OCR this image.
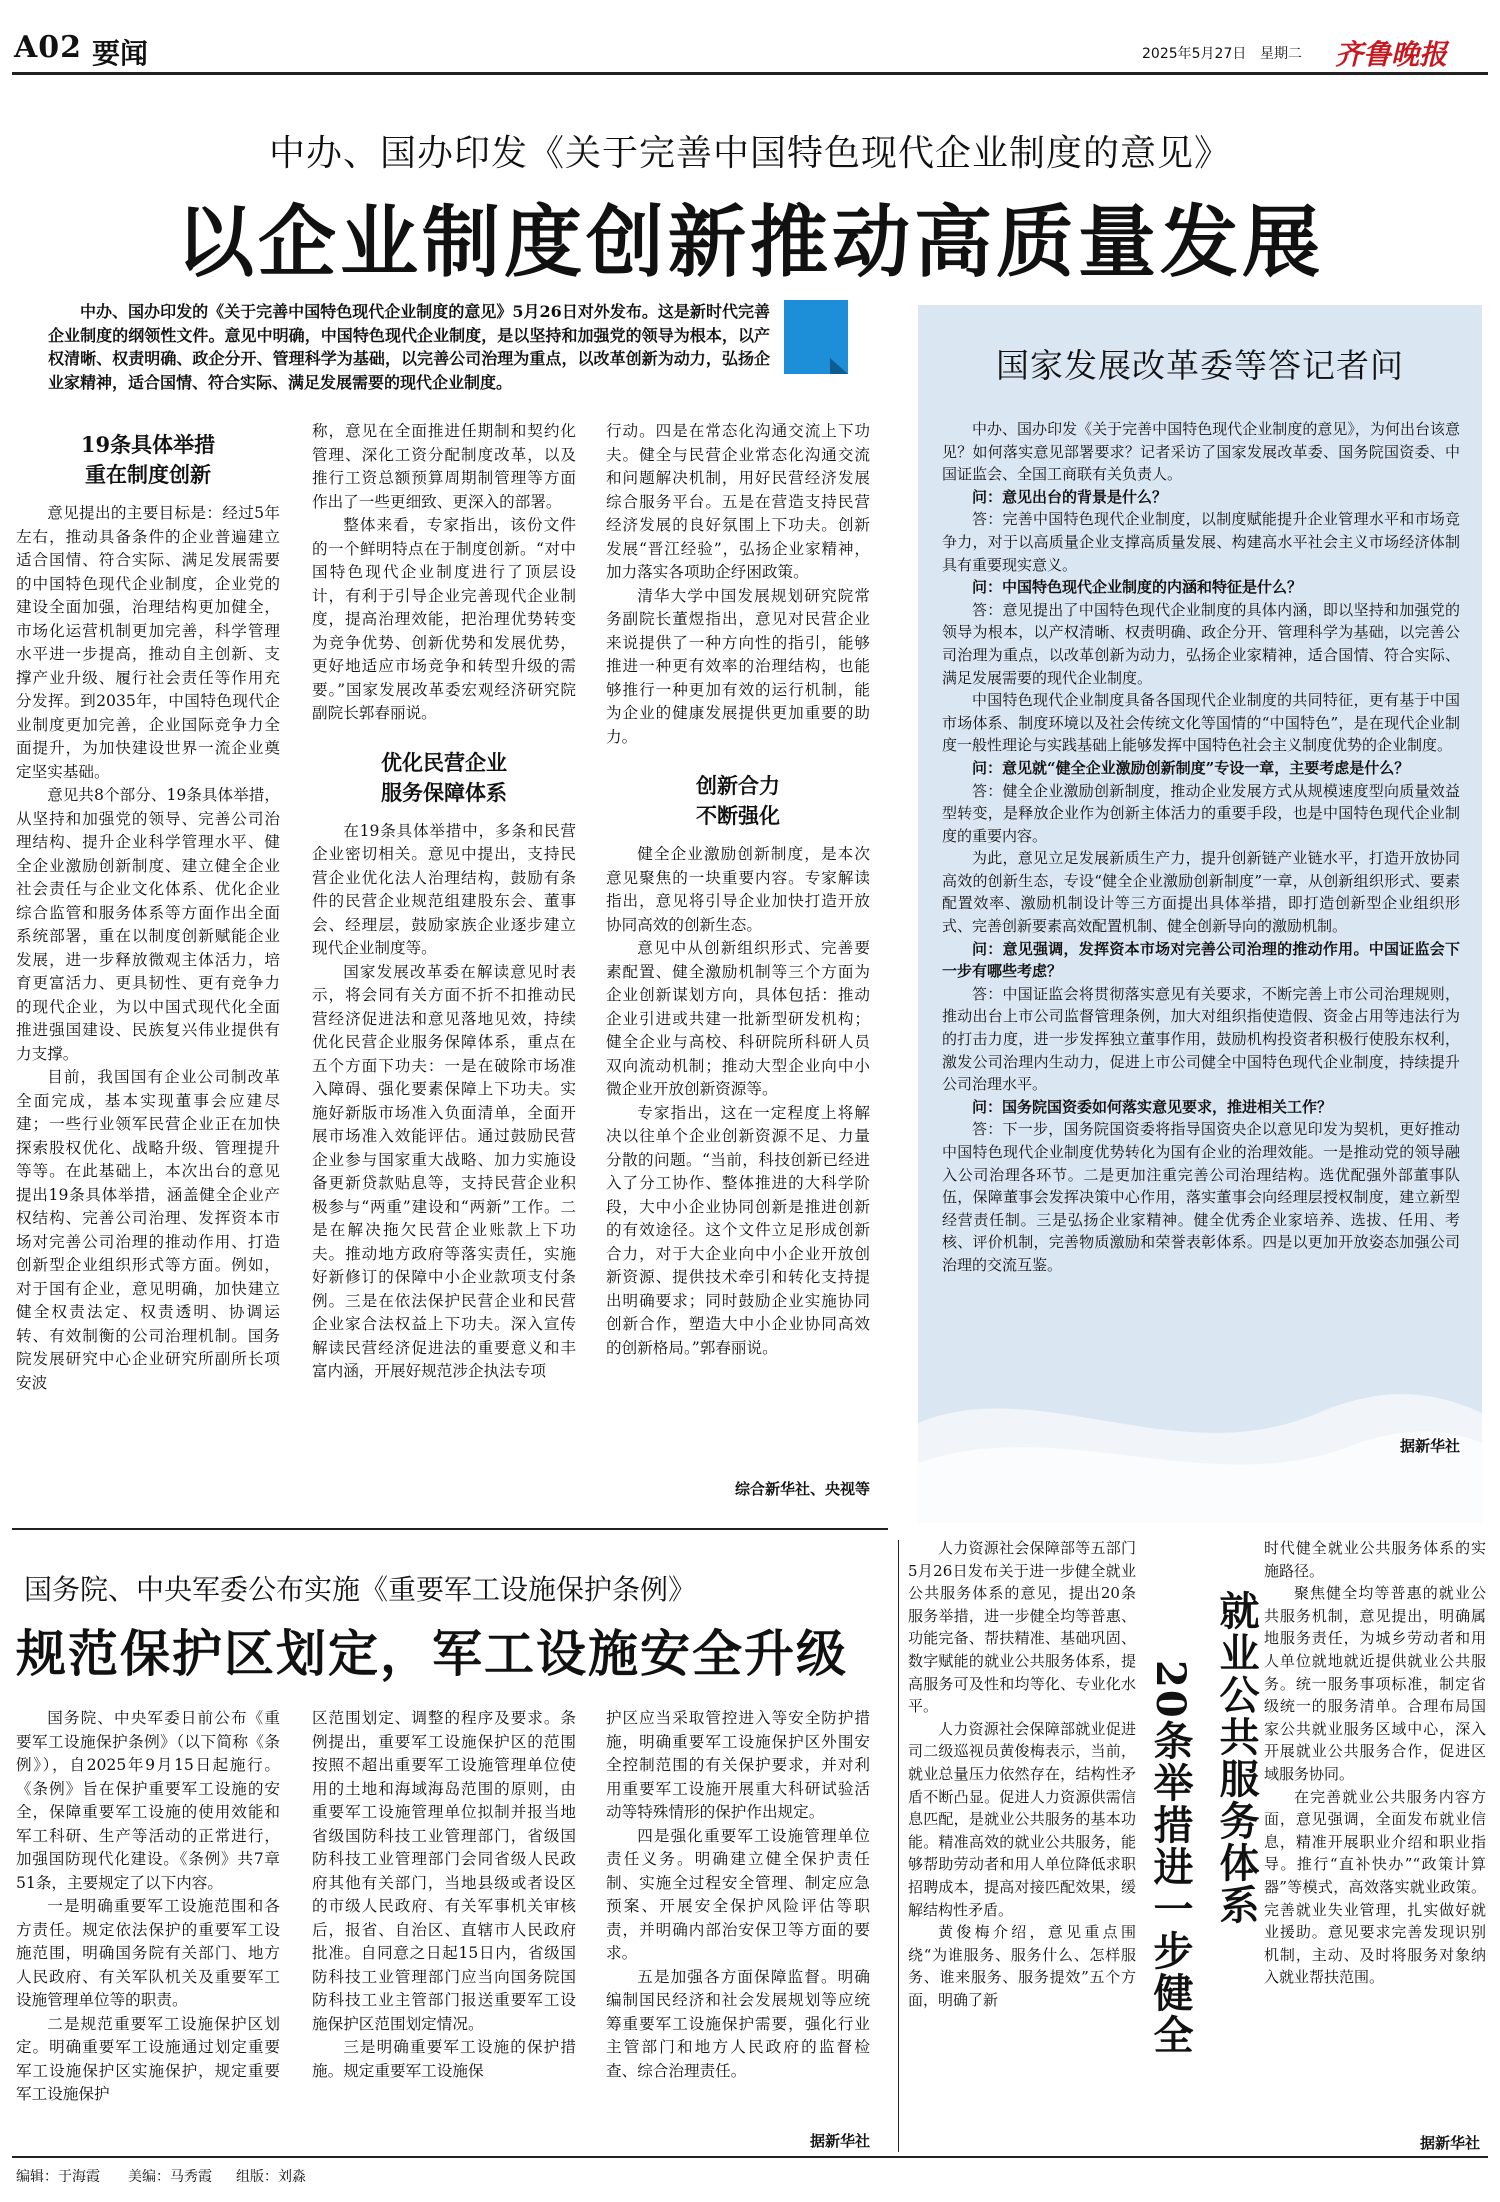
A02 要闻	2025年5月27日 星期二 齐鲁晚报
中办、国办印发《关于完善中国特色现代企业制度的意见》
以企业制度创新推动高质量发展

中办、国办印发的《关于完善中国特色现代企业制度的意见》5月26日对外发布。这是新时代完善企业制度的纲领性文件。意见中明确，中国特色现代企业制度，是以坚持和加强党的领导为根本，以产权清晰、权责明确、政企分开、管理科学为基础，以完善公司治理为重点，以改革创新为动力，弘扬企业家精神，适合国情、符合实际、满足发展需要的现代企业制度。

19条具体举措
重在制度创新

意见提出的主要目标是：经过5年左右，推动具备条件的企业普遍建立适合国情、符合实际、满足发展需要的中国特色现代企业制度，企业党的建设全面加强，治理结构更加健全，市场化运营机制更加完善，科学管理水平进一步提高，推动自主创新、支撑产业升级、履行社会责任等作用充分发挥。到2035年，中国特色现代企业制度更加完善，企业国际竞争力全面提升，为加快建设世界一流企业奠定坚实基础。

意见共8个部分、19条具体举措，从坚持和加强党的领导、完善公司治理结构、提升企业科学管理水平、健全企业激励创新制度、建立健全企业社会责任与企业文化体系、优化企业综合监管和服务体系等方面作出全面系统部署，重在以制度创新赋能企业发展，进一步释放微观主体活力，培育更富活力、更具韧性、更有竞争力的现代企业，为以中国式现代化全面推进强国建设、民族复兴伟业提供有力支撑。

目前，我国国有企业公司制改革全面完成，基本实现董事会应建尽建；一些行业领军民营企业正在加快探索股权优化、战略升级、管理提升等等。在此基础上，本次出台的意见提出19条具体举措，涵盖健全企业产权结构、完善公司治理、发挥资本市场对完善公司治理的推动作用、打造创新型企业组织形式等方面。例如，对于国有企业，意见明确，加快建立健全权责法定、权责透明、协调运转、有效制衡的公司治理机制。国务院发展研究中心企业研究所副所长项安波

称，意见在全面推进任期制和契约化管理、深化工资分配制度改革，以及推行工资总额预算周期制管理等方面作出了一些更细致、更深入的部署。

整体来看，专家指出，该份文件的一个鲜明特点在于制度创新。“对中国特色现代企业制度进行了顶层设计，有利于引导企业完善现代企业制度，提高治理效能，把治理优势转变为竞争优势、创新优势和发展优势，更好地适应市场竞争和转型升级的需要。”国家发展改革委宏观经济研究院副院长郭春丽说。

优化民营企业
服务保障体系

在19条具体举措中，多条和民营企业密切相关。意见中提出，支持民营企业优化法人治理结构，鼓励有条件的民营企业规范组建股东会、董事会、经理层，鼓励家族企业逐步建立现代企业制度等。

国家发展改革委在解读意见时表示，将会同有关方面不折不扣推动民营经济促进法和意见落地见效，持续优化民营企业服务保障体系，重点在五个方面下功夫：一是在破除市场准入障碍、强化要素保障上下功夫。实施好新版市场准入负面清单，全面开展市场准入效能评估。通过鼓励民营企业参与国家重大战略、加力实施设备更新贷款贴息等，支持民营企业积极参与“两重”建设和“两新”工作。二是在解决拖欠民营企业账款上下功夫。推动地方政府等落实责任，实施好新修订的保障中小企业款项支付条例。三是在依法保护民营企业和民营企业家合法权益上下功夫。深入宣传解读民营经济促进法的重要意义和丰富内涵，开展好规范涉企执法专项

行动。四是在常态化沟通交流上下功夫。健全与民营企业常态化沟通交流和问题解决机制，用好民营经济发展综合服务平台。五是在营造支持民营经济发展的良好氛围上下功夫。创新发展“晋江经验”，弘扬企业家精神，加力落实各项助企纾困政策。

清华大学中国发展规划研究院常务副院长董煜指出，意见对民营企业来说提供了一种方向性的指引，能够推进一种更有效率的治理结构，也能够推行一种更加有效的运行机制，能为企业的健康发展提供更加重要的助力。

创新合力
不断强化

健全企业激励创新制度，是本次意见聚焦的一块重要内容。专家解读指出，意见将引导企业加快打造开放协同高效的创新生态。

意见中从创新组织形式、完善要素配置、健全激励机制等三个方面为企业创新谋划方向，具体包括：推动企业引进或共建一批新型研发机构；健全企业与高校、科研院所科研人员双向流动机制；推动大型企业向中小微企业开放创新资源等。

专家指出，这在一定程度上将解决以往单个企业创新资源不足、力量分散的问题。“当前，科技创新已经进入了分工协作、整体推进的大科学阶段，大中小企业协同创新是推进创新的有效途径。这个文件立足形成创新合力，对于大企业向中小企业开放创新资源、提供技术牵引和转化支持提出明确要求；同时鼓励企业实施协同创新合作，塑造大中小企业协同高效的创新格局。”郭春丽说。

综合新华社、央视等
国家发展改革委等答记者问

中办、国办印发《关于完善中国特色现代企业制度的意见》，为何出台该意见？如何落实意见部署要求？记者采访了国家发展改革委、国务院国资委、中国证监会、全国工商联有关负责人。

问：意见出台的背景是什么？

答：完善中国特色现代企业制度，以制度赋能提升企业管理水平和市场竞争力，对于以高质量企业支撑高质量发展、构建高水平社会主义市场经济体制具有重要现实意义。

问：中国特色现代企业制度的内涵和特征是什么？

答：意见提出了中国特色现代企业制度的具体内涵，即以坚持和加强党的领导为根本，以产权清晰、权责明确、政企分开、管理科学为基础，以完善公司治理为重点，以改革创新为动力，弘扬企业家精神，适合国情、符合实际、满足发展需要的现代企业制度。

中国特色现代企业制度具备各国现代企业制度的共同特征，更有基于中国市场体系、制度环境以及社会传统文化等国情的“中国特色”，是在现代企业制度一般性理论与实践基础上能够发挥中国特色社会主义制度优势的企业制度。

问：意见就“健全企业激励创新制度”专设一章，主要考虑是什么？

答：健全企业激励创新制度，推动企业发展方式从规模速度型向质量效益型转变，是释放企业作为创新主体活力的重要手段，也是中国特色现代企业制度的重要内容。

为此，意见立足发展新质生产力，提升创新链产业链水平，打造开放协同高效的创新生态，专设“健全企业激励创新制度”一章，从创新组织形式、要素配置效率、激励机制设计等三方面提出具体举措，即打造创新型企业组织形式、完善创新要素高效配置机制、健全创新导向的激励机制。

问：意见强调，发挥资本市场对完善公司治理的推动作用。中国证监会下一步有哪些考虑？

答：中国证监会将贯彻落实意见有关要求，不断完善上市公司治理规则，推动出台上市公司监督管理条例，加大对组织指使造假、资金占用等违法行为的打击力度，进一步发挥独立董事作用，鼓励机构投资者积极行使股东权利，激发公司治理内生动力，促进上市公司健全中国特色现代企业制度，持续提升公司治理水平。

问：国务院国资委如何落实意见要求，推进相关工作？

答：下一步，国务院国资委将指导国资央企以意见印发为契机，更好推动中国特色现代企业制度优势转化为国有企业的治理效能。一是推动党的领导融入公司治理各环节。二是更加注重完善公司治理结构。选优配强外部董事队伍，保障董事会发挥决策中心作用，落实董事会向经理层授权制度，建立新型经营责任制。三是弘扬企业家精神。健全优秀企业家培养、选拔、任用、考核、评价机制，完善物质激励和荣誉表彰体系。四是以更加开放姿态加强公司治理的交流互鉴。

据新华社
国务院、中央军委公布实施《重要军工设施保护条例》
规范保护区划定，军工设施安全升级

国务院、中央军委日前公布《重要军工设施保护条例》（以下简称《条例》），自2025年9月15日起施行。《条例》旨在保护重要军工设施的安全，保障重要军工设施的使用效能和军工科研、生产等活动的正常进行，加强国防现代化建设。《条例》共7章51条，主要规定了以下内容。

一是明确重要军工设施范围和各方责任。规定依法保护的重要军工设施范围，明确国务院有关部门、地方人民政府、有关军队机关及重要军工设施管理单位等的职责。

二是规范重要军工设施保护区划定。明确重要军工设施通过划定重要军工设施保护区实施保护，规定重要军工设施保护

区范围划定、调整的程序及要求。条例提出，重要军工设施保护区的范围按照不超出重要军工设施管理单位使用的土地和海域海岛范围的原则，由重要军工设施管理单位拟制并报当地省级国防科技工业管理部门，省级国防科技工业管理部门会同省级人民政府其他有关部门，当地县级或者设区的市级人民政府、有关军事机关审核后，报省、自治区、直辖市人民政府批准。自同意之日起15日内，省级国防科技工业管理部门应当向国务院国防科技工业主管部门报送重要军工设施保护区范围划定情况。

三是明确重要军工设施的保护措施。规定重要军工设施保

护区应当采取管控进入等安全防护措施，明确重要军工设施保护区外围安全控制范围的有关保护要求，并对利用重要军工设施开展重大科研试验活动等特殊情形的保护作出规定。

四是强化重要军工设施管理单位责任义务。明确建立健全保护责任制、实施全过程安全管理、制定应急预案、开展安全保护风险评估等职责，并明确内部治安保卫等方面的要求。

五是加强各方面保障监督。明确编制国民经济和社会发展规划等应统筹重要军工设施保护需要，强化行业主管部门和地方人民政府的监督检查、综合治理责任。

据新华社

人力资源社会保障部等五部门5月26日发布关于进一步健全就业公共服务体系的意见，提出20条服务举措，进一步健全均等普惠、功能完备、帮扶精准、基础巩固、数字赋能的就业公共服务体系，提高服务可及性和均等化、专业化水平。

人力资源社会保障部就业促进司二级巡视员黄俊梅表示，当前，就业总量压力依然存在，结构性矛盾不断凸显。促进人力资源供需信息匹配，是就业公共服务的基本功能。精准高效的就业公共服务，能够帮助劳动者和用人单位降低求职招聘成本，提高对接匹配效果，缓解结构性矛盾。

黄俊梅介绍，意见重点围绕“为谁服务、服务什么、怎样服务、谁来服务、服务提效”五个方面，明确了新

就业公共服务体系
20条举措进一步健全

时代健全就业公共服务体系的实施路径。

聚焦健全均等普惠的就业公共服务机制，意见提出，明确属地服务责任，为城乡劳动者和用人单位就地就近提供就业公共服务。统一服务事项标准，制定省级统一的服务清单。合理布局国家公共就业服务区域中心，深入开展就业公共服务合作，促进区域服务协同。

在完善就业公共服务内容方面，意见强调，全面发布就业信息，精准开展职业介绍和职业指导。推行“直补快办”“政策计算器”等模式，高效落实就业政策。完善就业失业管理，扎实做好就业援助。意见要求完善发现识别机制，主动、及时将服务对象纳入就业帮扶范围。

据新华社
编辑：于海霞 美编：马秀霞 组版：刘淼
